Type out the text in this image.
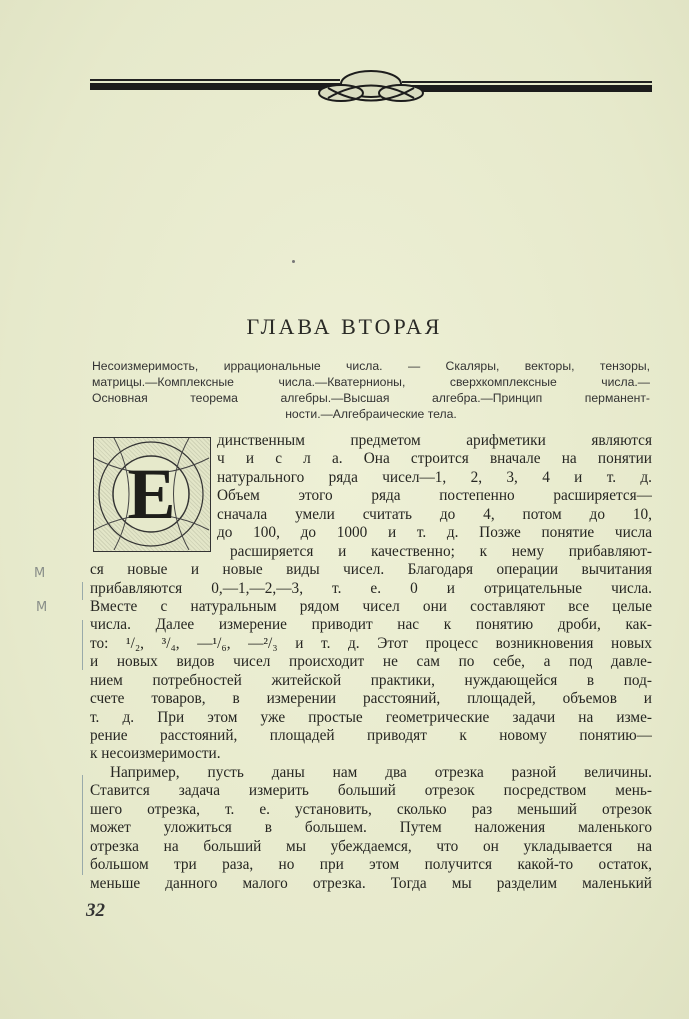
ГЛАВА ВТОРАЯ
Несоизмеримость, иррациональные числа. — Скаляры, векторы, тензоры,
матрицы.—Комплексные числа.—Кватернионы, сверхкомплексные числа.—
Основная теорема алгебры.—Высшая алгебра.—Принцип перманент-
ности.—Алгебраические тела.
Е
динственным предметом арифметики являются
ч и с л а. Она строится вначале на понятии
натурального ряда чисел—1, 2, 3, 4 и т. д.
Объем этого ряда постепенно расширяется—
сначала умели считать до 4, потом до 10,
до 100, до 1000 и т. д. Позже понятие числа
расширяется и качественно; к нему прибавляют-
ся новые и новые виды чисел. Благодаря операции вычитания
прибавляются 0,—1,—2,—3, т. е. 0 и отрицательные числа.
Вместе с натуральным рядом чисел они составляют все целые
числа. Далее измерение приводит нас к понятию дроби, как-
то: ¹/₂, ³/₄, —¹/₆, —²/₃ и т. д. Этот процесс возникновения новых
и новых видов чисел происходит не сам по себе, а под давле-
нием потребностей житейской практики, нуждающейся в под-
счете товаров, в измерении расстояний, площадей, объемов и
т. д. При этом уже простые геометрические задачи на изме-
рение расстояний, площадей приводят к новому понятию—
к несоизмеримости.
Например, пусть даны нам два отрезка разной величины.
Ставится задача измерить больший отрезок посредством мень-
шего отрезка, т. е. установить, сколько раз меньший отрезок
может уложиться в большем. Путем наложения маленького
отрезка на больший мы убеждаемся, что он укладывается на
большом три раза, но при этом получится какой-то остаток,
меньше данного малого отрезка. Тогда мы разделим маленький
М
М
32
